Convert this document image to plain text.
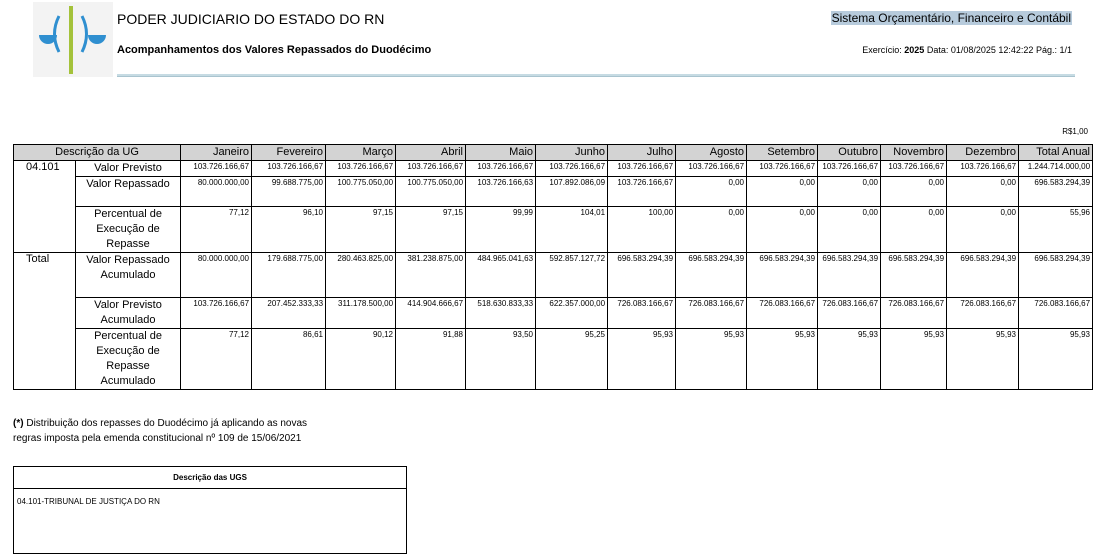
PODER JUDICIARIO DO ESTADO DO RN
Acompanhamentos dos Valores Repassados do Duodécimo
Sistema Orçamentário, Financeiro e Contábil
Exercício: 2025 Data: 01/08/2025 12:42:22 Pág.: 1/1
R$1,00
Descrição da UG		Janeiro	Fevereiro	Março	Abril	Maio	Junho	Julho	Agosto	Setembro	Outubro	Novembro	Dezembro	Total Anual
04.101	Valor Previsto	103.726.166,67	103.726.166,67	103.726.166,67	103.726.166,67	103.726.166,67	103.726.166,67	103.726.166,67	103.726.166,67	103.726.166,67	103.726.166,67	103.726.166,67	103.726.166,67	1.244.714.000,00
	Valor Repassado	80.000.000,00	99.688.775,00	100.775.050,00	100.775.050,00	103.726.166,63	107.892.086,09	103.726.166,67	0,00	0,00	0,00	0,00	0,00	696.583.294,39
	Percentual de Execução de Repasse	77,12	96,10	97,15	97,15	99,99	104,01	100,00	0,00	0,00	0,00	0,00	0,00	55,96
Total	Valor Repassado Acumulado	80.000.000,00	179.688.775,00	280.463.825,00	381.238.875,00	484.965.041,63	592.857.127,72	696.583.294,39	696.583.294,39	696.583.294,39	696.583.294,39	696.583.294,39	696.583.294,39	696.583.294,39
	Valor Previsto Acumulado	103.726.166,67	207.452.333,33	311.178.500,00	414.904.666,67	518.630.833,33	622.357.000,00	726.083.166,67	726.083.166,67	726.083.166,67	726.083.166,67	726.083.166,67	726.083.166,67	726.083.166,67
	Percentual de Execução de Repasse Acumulado	77,12	86,61	90,12	91,88	93,50	95,25	95,93	95,93	95,93	95,93	95,93	95,93	95,93
(*) Distribuição dos repasses do Duodécimo já aplicando as novas
regras imposta pela emenda constitucional nº 109 de 15/06/2021
Descrição das UGS
04.101-TRIBUNAL DE JUSTIÇA DO RN
